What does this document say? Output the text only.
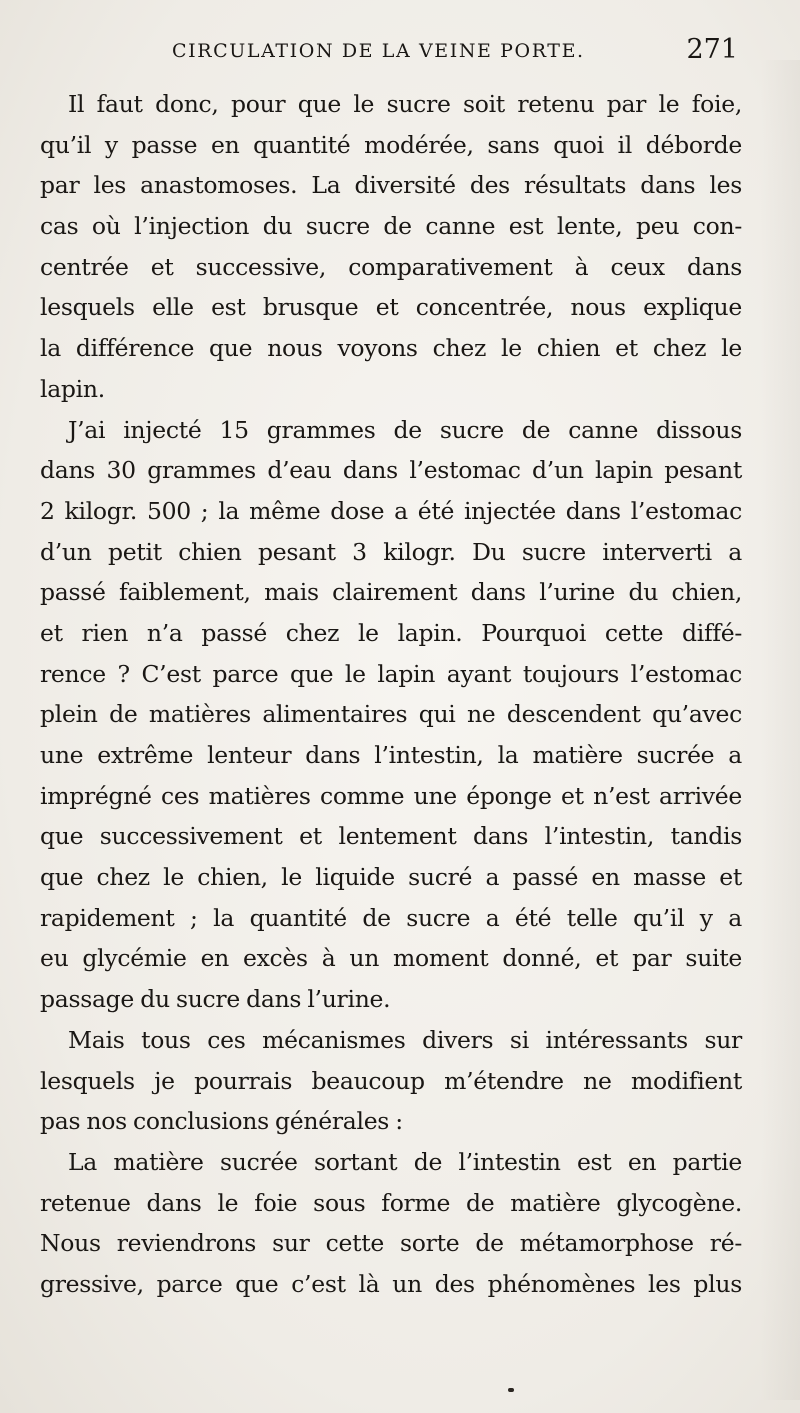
CIRCULATION DE LA VEINE PORTE.	271
Il faut donc, pour que le sucre soit retenu par le foie,
qu’il y passe en quantité modérée, sans quoi il déborde
par les anastomoses. La diversité des résultats dans les
cas où l’injection du sucre de canne est lente, peu con-
centrée et successive, comparativement à ceux dans
lesquels elle est brusque et concentrée, nous explique
la différence que nous voyons chez le chien et chez le
lapin.
J’ai injecté 15 grammes de sucre de canne dissous
dans 30 grammes d’eau dans l’estomac d’un lapin pesant
2 kilogr. 500 ; la même dose a été injectée dans l’estomac
d’un petit chien pesant 3 kilogr. Du sucre interverti a
passé faiblement, mais clairement dans l’urine du chien,
et rien n’a passé chez le lapin. Pourquoi cette diffé-
rence ? C’est parce que le lapin ayant toujours l’estomac
plein de matières alimentaires qui ne descendent qu’avec
une extrême lenteur dans l’intestin, la matière sucrée a
imprégné ces matières comme une éponge et n’est arrivée
que successivement et lentement dans l’intestin, tandis
que chez le chien, le liquide sucré a passé en masse et
rapidement ; la quantité de sucre a été telle qu’il y a
eu glycémie en excès à un moment donné, et par suite
passage du sucre dans l’urine.
Mais tous ces mécanismes divers si intéressants sur
lesquels je pourrais beaucoup m’étendre ne modifient
pas nos conclusions générales :
La matière sucrée sortant de l’intestin est en partie
retenue dans le foie sous forme de matière glycogène.
Nous reviendrons sur cette sorte de métamorphose ré-
gressive, parce que c’est là un des phénomènes les plus
